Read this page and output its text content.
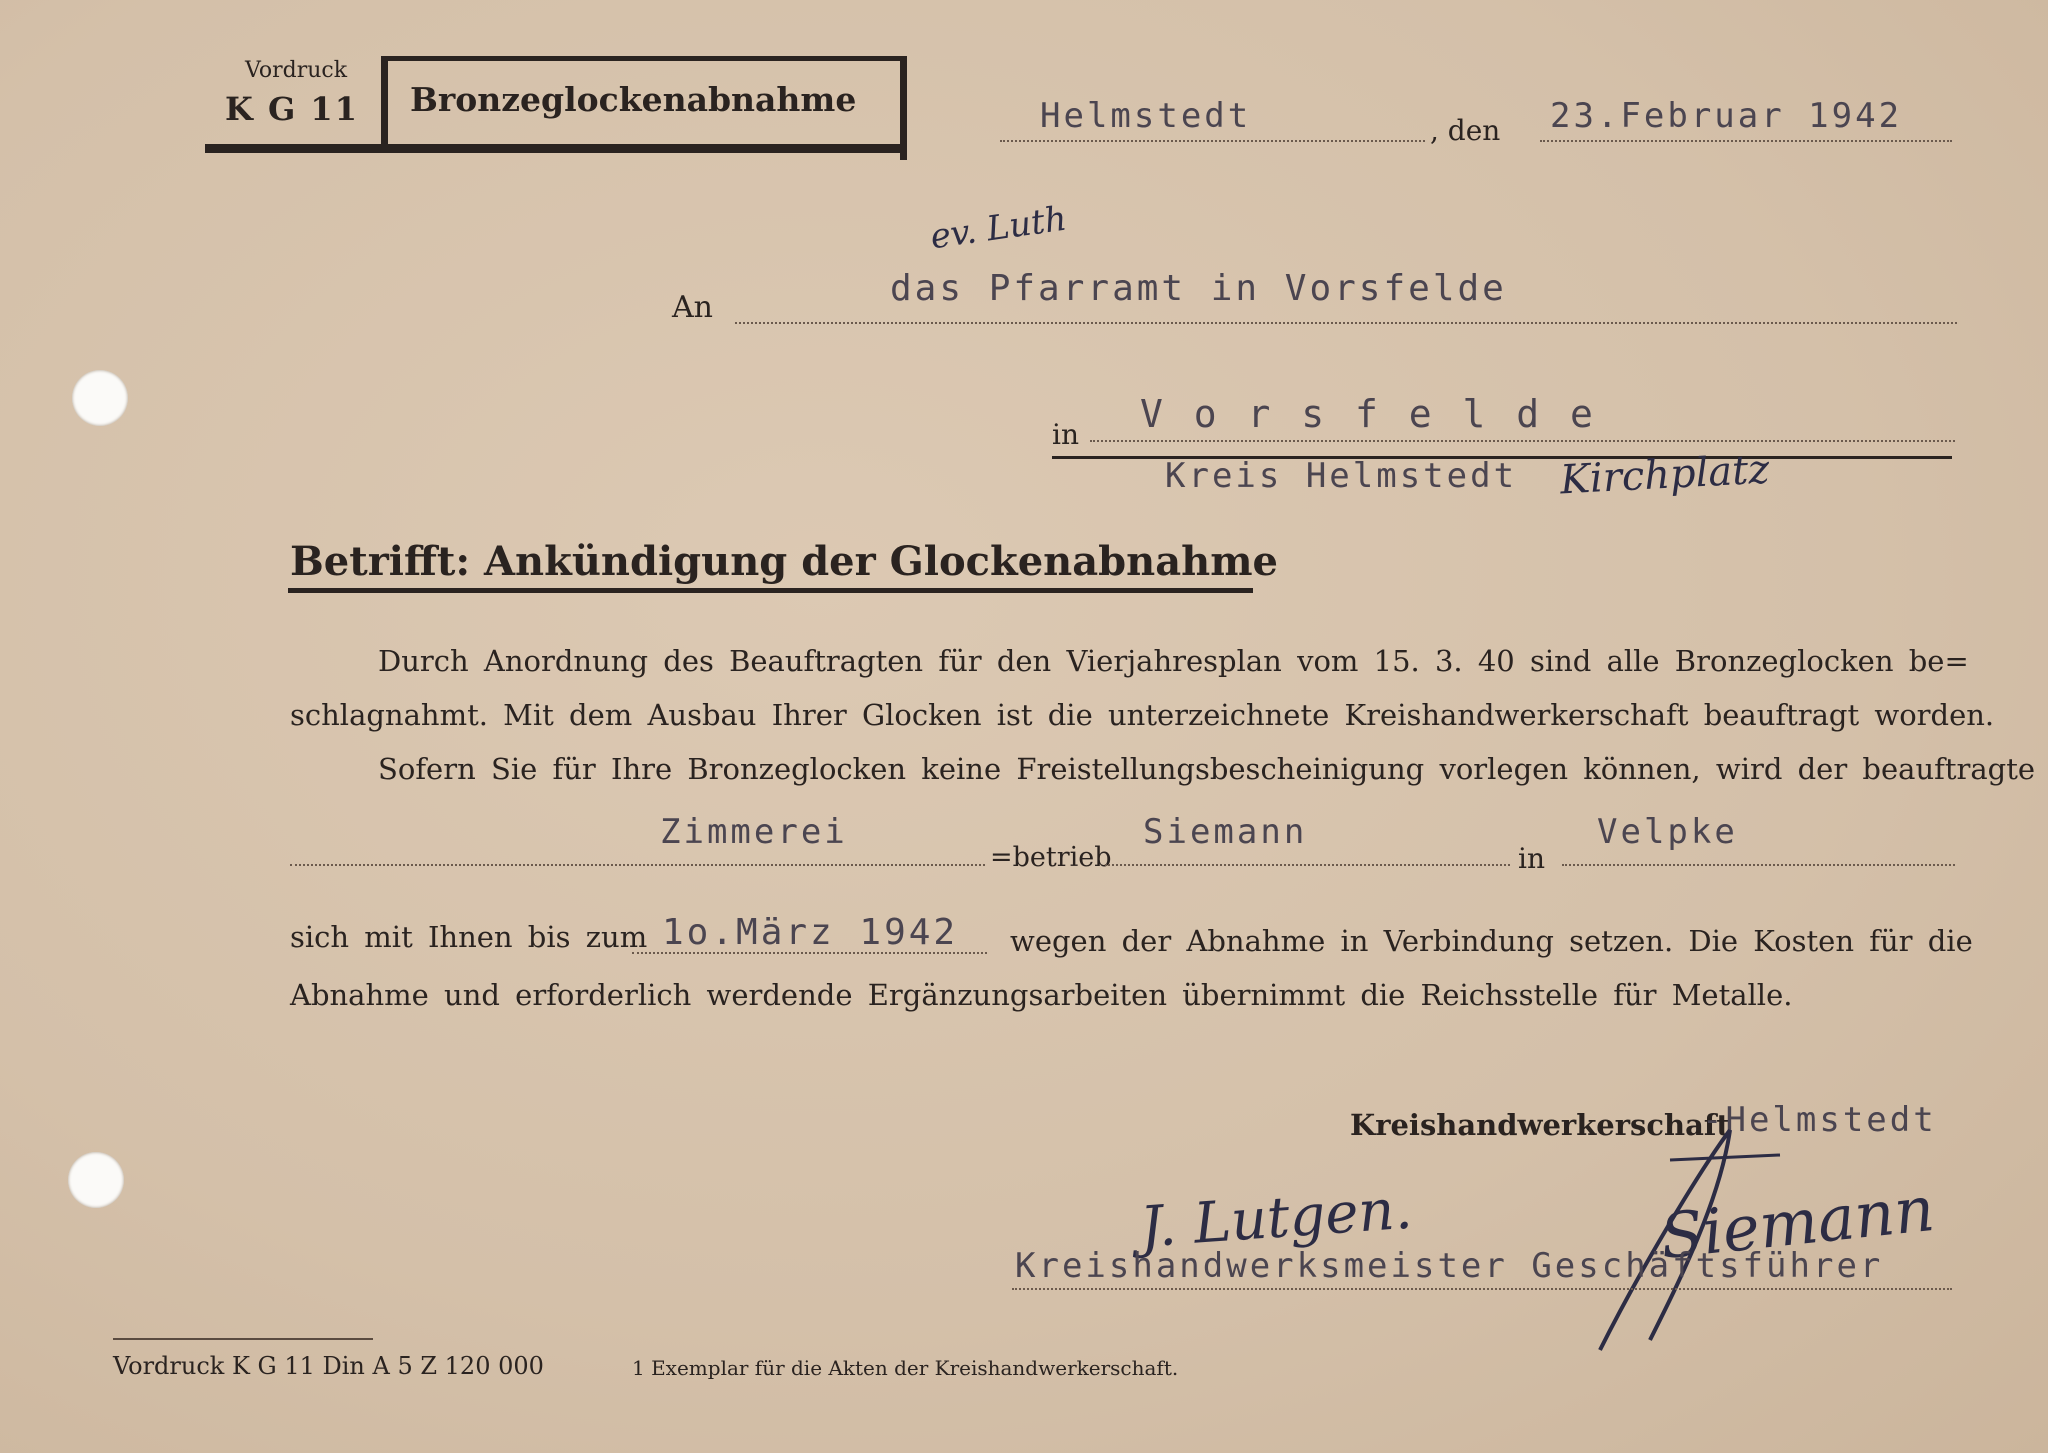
Vordruck
K G 11 Bronzeglockenabnahme	Helmstedt	, den 23.Februar 1942
ev. Luth
An	das Pfarramt in Vorsfelde
in V o r s f e l d e
Kreis Helmstedt Kirchplatz
Betrifft: Ankündigung der Glockenabnahme
Durch Anordnung des Beauftragten für den Vierjahresplan vom 15. 3. 40 sind alle Bronzeglocken be=
schlagnahmt. Mit dem Ausbau Ihrer Glocken ist die unterzeichnete Kreishandwerkerschaft beauftragt worden.
Sofern Sie für Ihre Bronzeglocken keine Freistellungsbescheinigung vorlegen können, wird der beauftragte
Zimmerei
=betrieb
Siemann
in
Velpke
sich mit Ihnen bis zum 1o.März 1942 wegen der Abnahme in Verbindung setzen. Die Kosten für die
Abnahme und erforderlich werdende Ergänzungsarbeiten übernimmt die Reichsstelle für Metalle.
Kreishandwerkerschaft
-Helmstedt
J. Lutgen.	Siemann
Kreishandwerksmeister Geschäftsführer
Vordruck K G 11 Din A 5 Z 120 000	1 Exemplar für die Akten der Kreishandwerkerschaft.
